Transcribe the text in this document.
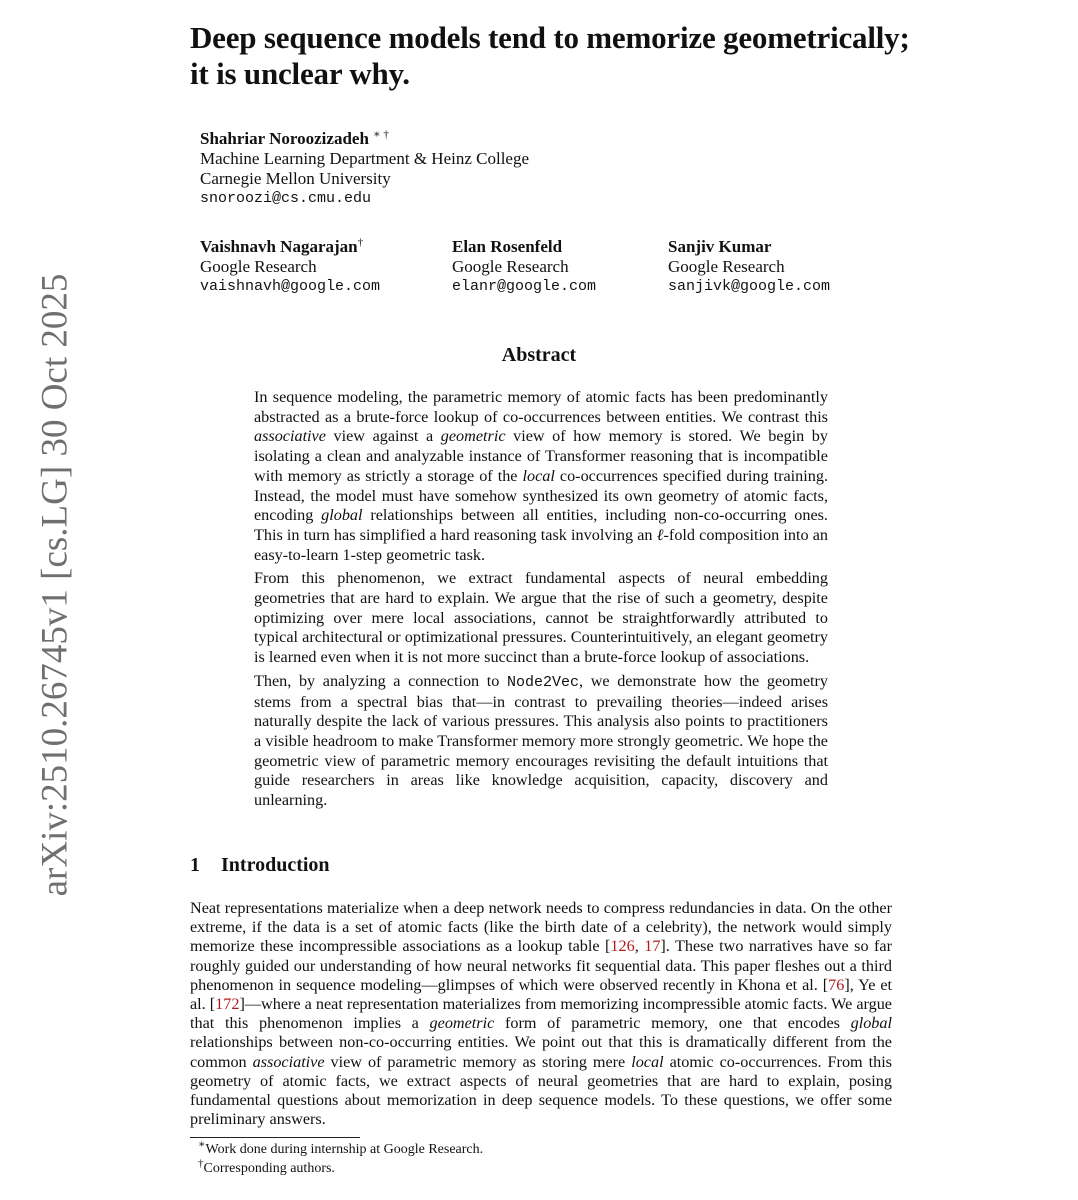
arXiv:2510.26745v1 [cs.LG] 30 Oct 2025
Deep sequence models tend to memorize geometrically;
it is unclear why.
Shahriar Noroozizadeh ∗ †
Machine Learning Department & Heinz College
Carnegie Mellon University
snoroozi@cs.cmu.edu
Vaishnavh Nagarajan†
Google Research
vaishnavh@google.com
Elan Rosenfeld
Google Research
elanr@google.com
Sanjiv Kumar
Google Research
sanjivk@google.com
Abstract

In sequence modeling, the parametric memory of atomic facts has been predominantly abstracted as a brute-force lookup of co-occurrences between entities. We contrast this associative view against a geometric view of how memory is stored. We begin by isolating a clean and analyzable instance of Transformer reasoning that is incompatible with memory as strictly a storage of the local co-occurrences specified during training. Instead, the model must have somehow synthesized its own geometry of atomic facts, encoding global relationships between all entities, including non-co-occurring ones. This in turn has simplified a hard reasoning task involving an ℓ-fold composition into an easy-to-learn 1-step geometric task.

From this phenomenon, we extract fundamental aspects of neural embedding geometries that are hard to explain. We argue that the rise of such a geometry, despite optimizing over mere local associations, cannot be straightforwardly attributed to typical architectural or optimizational pressures. Counterintuitively, an elegant geometry is learned even when it is not more succinct than a brute-force lookup of associations.

Then, by analyzing a connection to Node2Vec, we demonstrate how the geometry stems from a spectral bias that—in contrast to prevailing theories—indeed arises naturally despite the lack of various pressures. This analysis also points to practitioners a visible headroom to make Transformer memory more strongly geometric. We hope the geometric view of parametric memory encourages revisiting the default intuitions that guide researchers in areas like knowledge acquisition, capacity, discovery and unlearning.

1 Introduction

Neat representations materialize when a deep network needs to compress redundancies in data. On the other extreme, if the data is a set of atomic facts (like the birth date of a celebrity), the network would simply memorize these incompressible associations as a lookup table [126, 17]. These two narratives have so far roughly guided our understanding of how neural networks fit sequential data. This paper fleshes out a third phenomenon in sequence modeling—glimpses of which were observed recently in Khona et al. [76], Ye et al. [172]—where a neat representation materializes from memorizing incompressible atomic facts. We argue that this phenomenon implies a geometric form of parametric memory, one that encodes global relationships between non-co-occurring entities. We point out that this is dramatically different from the common associative view of parametric memory as storing mere local atomic co-occurrences. From this geometry of atomic facts, we extract aspects of neural geometries that are hard to explain, posing fundamental questions about memorization in deep sequence models. To these questions, we offer some preliminary answers.

∗Work done during internship at Google Research.
†Corresponding authors.
